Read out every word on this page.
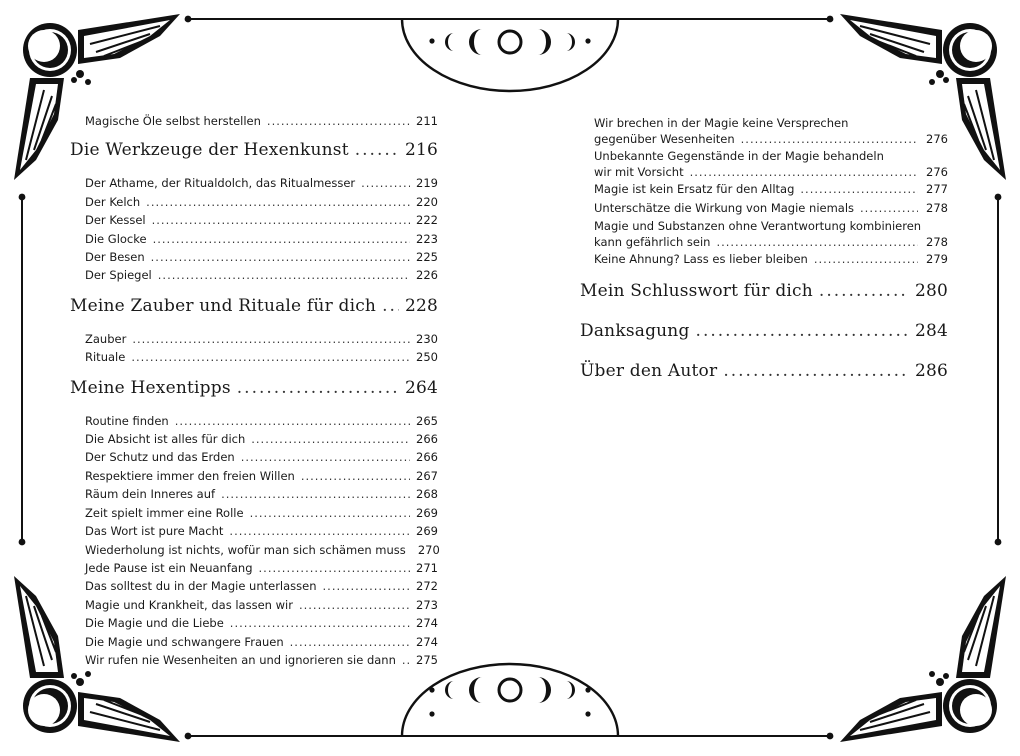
Magische Öle selbst herstellen .....	211
Die Werkzeuge der Hexenkunst .....	216
Der Athame, der Ritualdolch, das Ritualmesser .....	219
Der Kelch .....	220
Der Kessel .....	222
Die Glocke .....	223
Der Besen .....	225
Der Spiegel .....	226
Meine Zauber und Rituale für dich ..... 228
Zauber .....	230
Rituale .....	250
Meine Hexentipps .....	264
Routine finden .....	265
Die Absicht ist alles für dich .....	266
Der Schutz und das Erden .....	266
Respektiere immer den freien Willen .....	267
Räum dein Inneres auf .....	268
Zeit spielt immer eine Rolle .....	269
Das Wort ist pure Macht .....	269
Wiederholung ist nichts, wofür man sich schämen muss 270
Jede Pause ist ein Neuanfang .....	271
Das solltest du in der Magie unterlassen .....	272
Magie und Krankheit, das lassen wir .....	273
Die Magie und die Liebe .....	274
Die Magie und schwangere Frauen .....	274
Wir rufen nie Wesenheiten an und ignorieren sie dann ..... 275
Wir brechen in der Magie keine Versprechen
gegenüber Wesenheiten .....	276
Unbekannte Gegenstände in der Magie behandeln
wir mit Vorsicht .....	276
Magie ist kein Ersatz für den Alltag .....	277
Unterschätze die Wirkung von Magie niemals .....	278
Magie und Substanzen ohne Verantwortung kombinieren
kann gefährlich sein .....	278
Keine Ahnung? Lass es lieber bleiben .....	279
Mein Schlusswort für dich .....	280
Danksagung .....	284
Über den Autor .....	286
